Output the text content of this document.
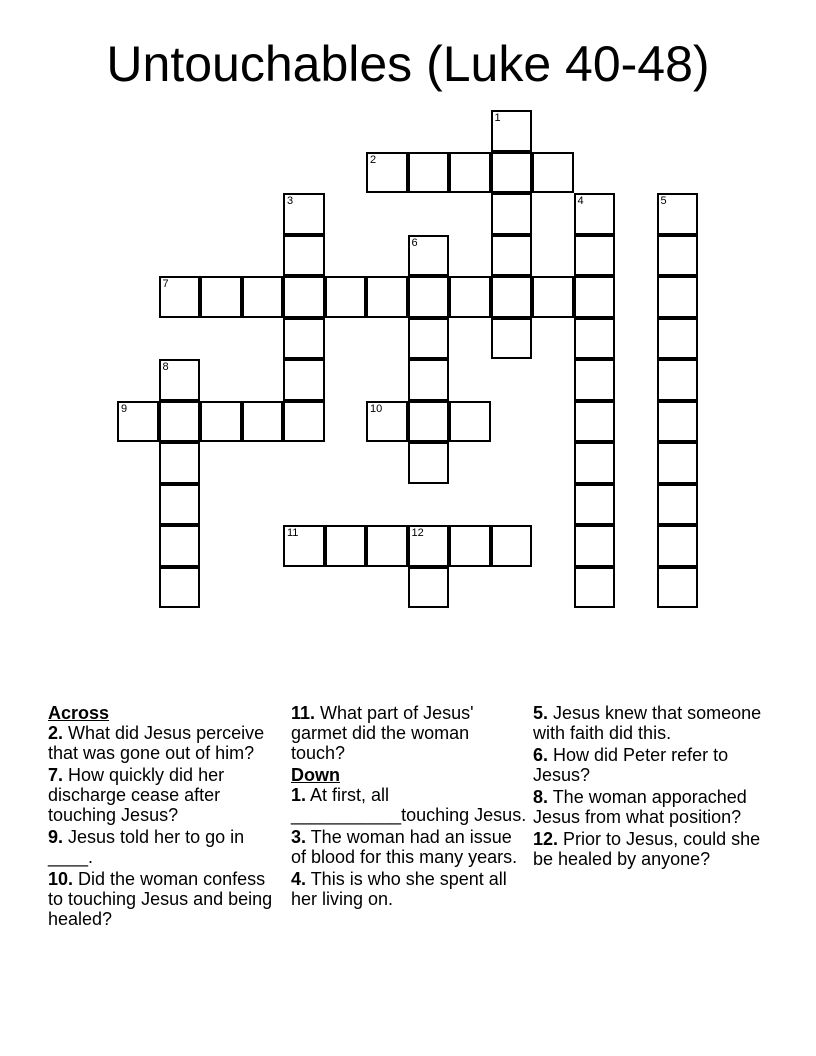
Untouchables (Luke 40-48)
1
2
3	4	5
6
7
8
9	10
11	12
Across
2. What did Jesus perceive that was gone out of him?
7. How quickly did her discharge cease after touching Jesus?
9. Jesus told her to go in ____.
10. Did the woman confess to touching Jesus and being healed?
11. What part of Jesus' garmet did the woman touch?
Down
1. At first, all ___________touching Jesus.
3. The woman had an issue of blood for this many years.
4. This is who she spent all her living on.
5. Jesus knew that someone with faith did this.
6. How did Peter refer to Jesus?
8. The woman apporached Jesus from what position?
12. Prior to Jesus, could she be healed by anyone?
